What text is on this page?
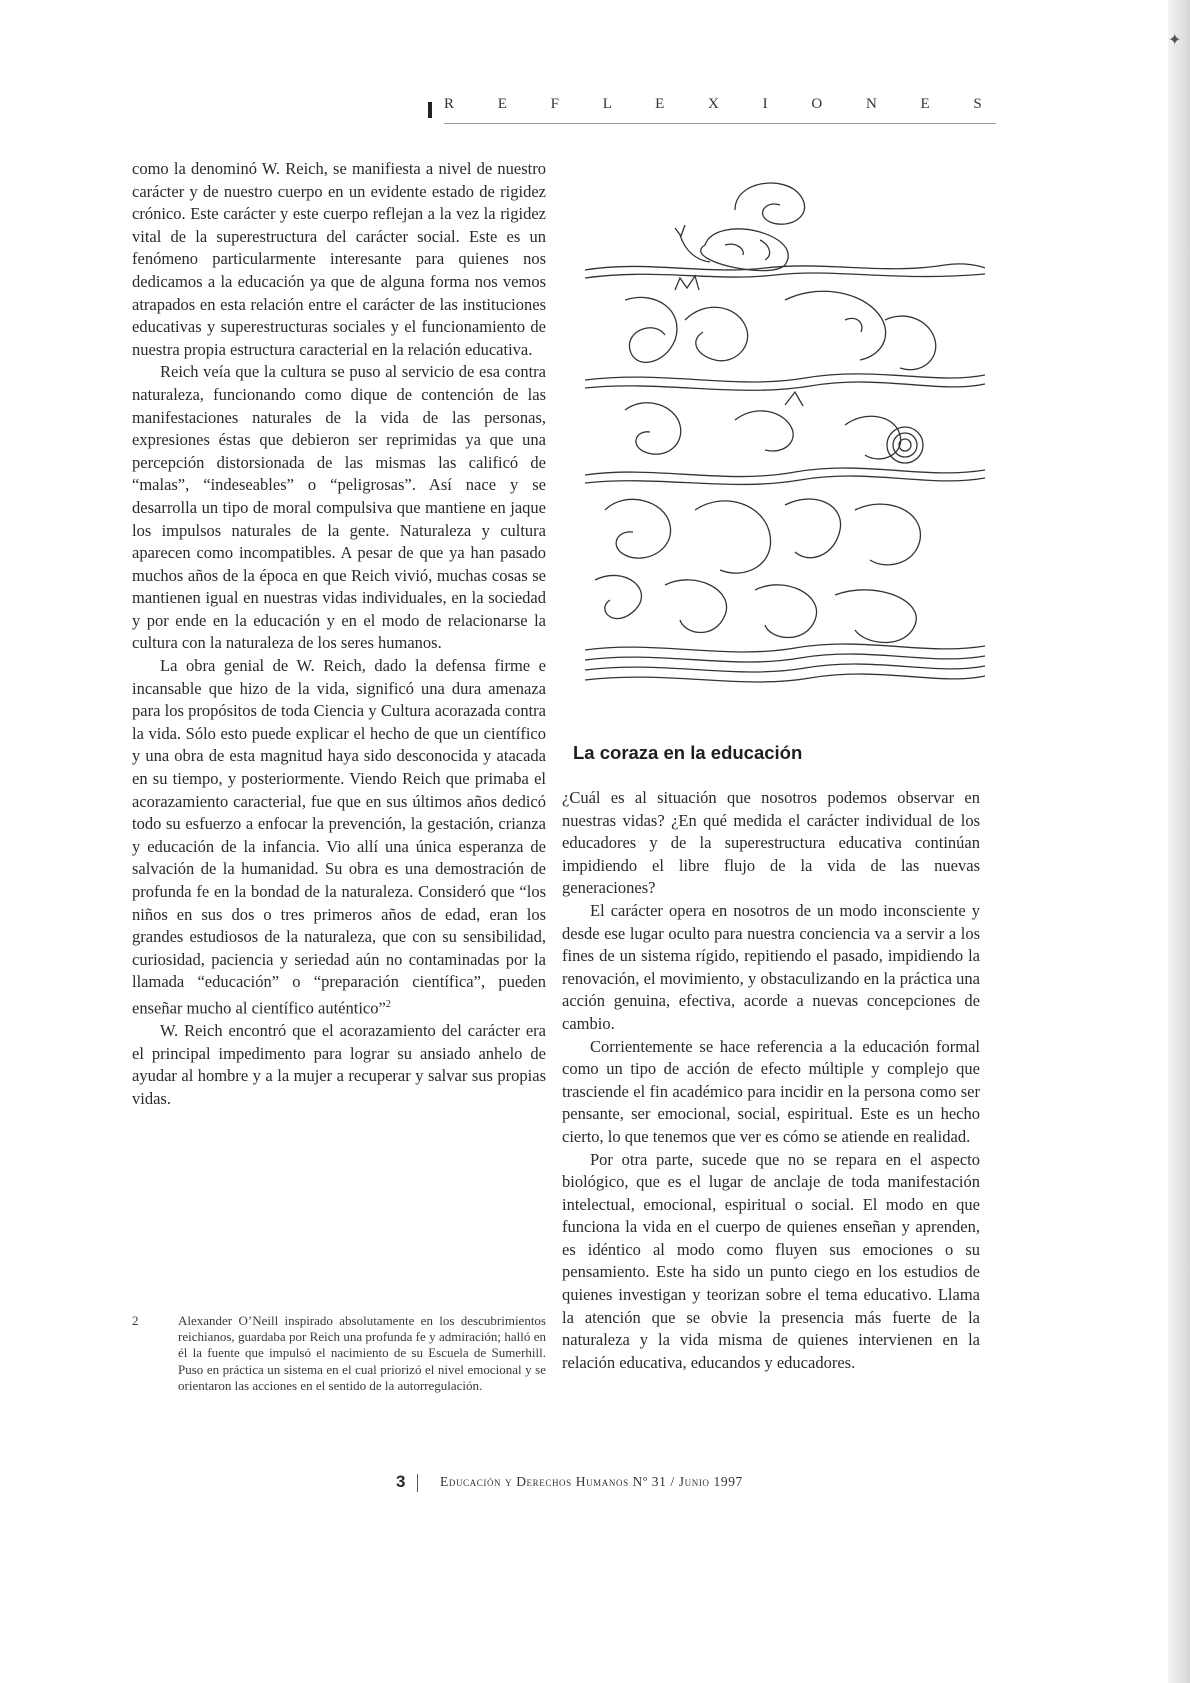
✦
R E F L E X I O N E S

como la denominó W. Reich, se manifiesta a nivel de nuestro carácter y de nuestro cuerpo en un evidente estado de rigidez crónico. Este carácter y este cuerpo reflejan a la vez la rigidez vital de la superestructura del carácter social. Este es un fenómeno particularmente interesante para quienes nos dedicamos a la educación ya que de alguna forma nos vemos atrapados en esta relación entre el carácter de las instituciones educativas y superestructuras sociales y el funcionamiento de nuestra propia estructura caracterial en la relación educativa.

Reich veía que la cultura se puso al servicio de esa contra naturaleza, funcionando como dique de contención de las manifestaciones naturales de la vida de las personas, expresiones éstas que debieron ser reprimidas ya que una percepción distorsionada de las mismas las calificó de “malas”, “indeseables” o “peligrosas”. Así nace y se desarrolla un tipo de moral compulsiva que mantiene en jaque los impulsos naturales de la gente. Naturaleza y cultura aparecen como incompatibles. A pesar de que ya han pasado muchos años de la época en que Reich vivió, muchas cosas se mantienen igual en nuestras vidas individuales, en la sociedad y por ende en la educación y en el modo de relacionarse la cultura con la naturaleza de los seres humanos.

La obra genial de W. Reich, dado la defensa firme e incansable que hizo de la vida, significó una dura amenaza para los propósitos de toda Ciencia y Cultura acorazada contra la vida. Sólo esto puede explicar el hecho de que un científico y una obra de esta magnitud haya sido desconocida y atacada en su tiempo, y posteriormente. Viendo Reich que primaba el acorazamiento caracterial, fue que en sus últimos años dedicó todo su esfuerzo a enfocar la prevención, la gestación, crianza y educación de la infancia. Vio allí una única esperanza de salvación de la humanidad. Su obra es una demostración de profunda fe en la bondad de la naturaleza. Consideró que “los niños en sus dos o tres primeros años de edad, eran los grandes estudiosos de la naturaleza, que con su sensibilidad, curiosidad, paciencia y seriedad aún no contaminadas por la llamada “educación” o “preparación científica”, pueden enseñar mucho al científico auténtico”$^2$

W. Reich encontró que el acorazamiento del carácter era el principal impedimento para lograr su ansiado anhelo de ayudar al hombre y a la mujer a recuperar y salvar sus propias vidas.

2	Alexander O’Neill inspirado absolutamente en los descubrimientos reichianos, guardaba por Reich una profunda fe y admiración; halló en él la fuente que impulsó el nacimiento de su Escuela de Sumerhill. Puso en práctica un sistema en el cual priorizó el nivel emocional y se orientaron las acciones en el sentido de la autorregulación.
La coraza en la educación

¿Cuál es al situación que nosotros podemos observar en nuestras vidas? ¿En qué medida el carácter individual de los educadores y de la superestructura educativa continúan impidiendo el libre flujo de la vida de las nuevas generaciones?

El carácter opera en nosotros de un modo inconsciente y desde ese lugar oculto para nuestra conciencia va a servir a los fines de un sistema rígido, repitiendo el pasado, impidiendo la renovación, el movimiento, y obstaculizando en la práctica una acción genuina, efectiva, acorde a nuevas concepciones de cambio.

Corrientemente se hace referencia a la educación formal como un tipo de acción de efecto múltiple y complejo que trasciende el fin académico para incidir en la persona como ser pensante, ser emocional, social, espiritual. Este es un hecho cierto, lo que tenemos que ver es cómo se atiende en realidad.

Por otra parte, sucede que no se repara en el aspecto biológico, que es el lugar de anclaje de toda manifestación intelectual, emocional, espiritual o social. El modo en que funciona la vida en el cuerpo de quienes enseñan y aprenden, es idéntico al modo como fluyen sus emociones o su pensamiento. Este ha sido un punto ciego en los estudios de quienes investigan y teorizan sobre el tema educativo. Llama la atención que se obvie la presencia más fuerte de la naturaleza y la vida misma de quienes intervienen en la relación educativa, educandos y educadores.

3	Educación y Derechos Humanos Nº 31 / Junio 1997
